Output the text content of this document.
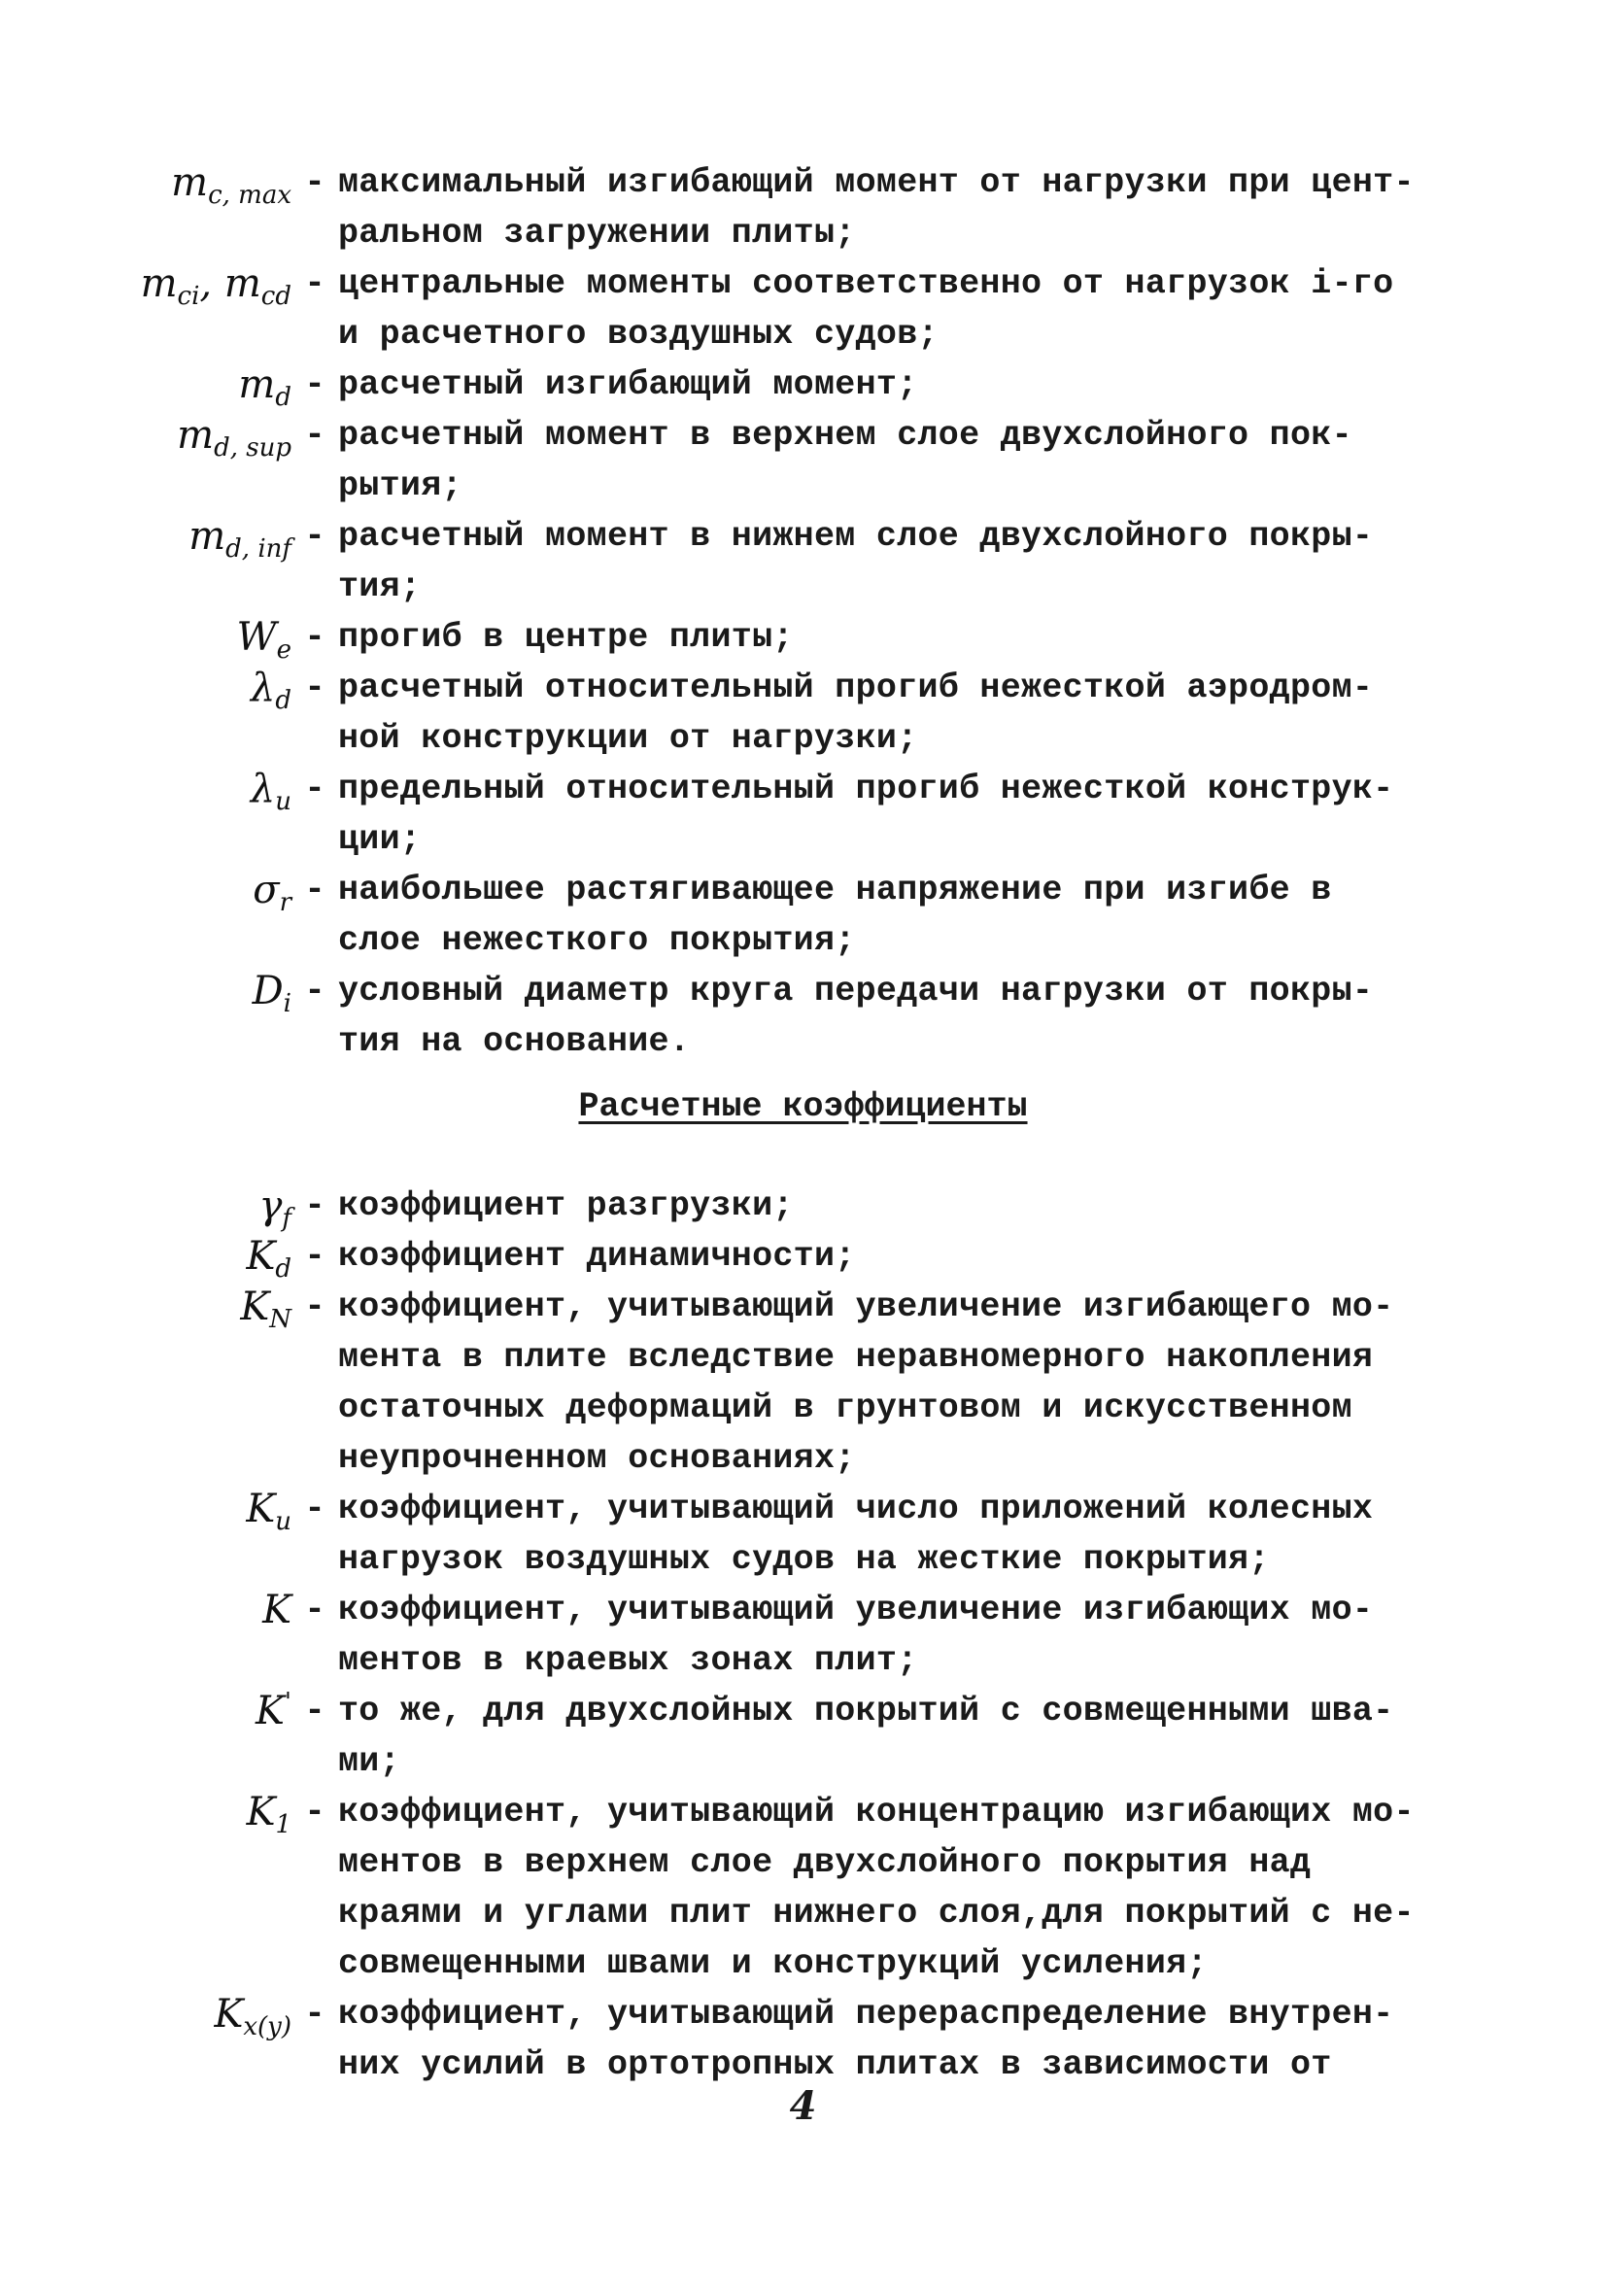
$m_{c, max}$ - максимальный изгибающий момент от нагрузки при цент-
ральном загружении плиты;
$m_{ci}$, $m_{cd}$ - центральные моменты соответственно от нагрузок i-го
и расчетного воздушных судов;
$m_d$ - расчетный изгибающий момент;
$m_{d, sup}$ - расчетный момент в верхнем слое двухслойного пок-
рытия;
$m_{d, inf}$ - расчетный момент в нижнем слое двухслойного покры-
тия;
$W_e$ - прогиб в центре плиты;
$\lambda_d$ - расчетный относительный прогиб нежесткой аэродром-
ной конструкции от нагрузки;
$\lambda_u$ - предельный относительный прогиб нежесткой конструк-
ции;
$\sigma_r$ - наибольшее растягивающее напряжение при изгибе в
слое нежесткого покрытия;
$D_i$ - условный диаметр круга передачи нагрузки от покры-
тия на основание.
Расчетные коэффициенты
$\gamma_f$ - коэффициент разгрузки;
$K_d$ - коэффициент динамичности;
$K_N$ - коэффициент, учитывающий увеличение изгибающего мо-
мента в плите вследствие неравномерного накопления
остаточных деформаций в грунтовом и искусственном
неупрочненном основаниях;
$K_u$ - коэффициент, учитывающий число приложений колесных
нагрузок воздушных судов на жесткие покрытия;
K - коэффициент, учитывающий увеличение изгибающих мо-
ментов в краевых зонах плит;
K' - то же, для двухслойных покрытий с совмещенными шва-
ми;
$K_1$ - коэффициент, учитывающий концентрацию изгибающих мо-
ментов в верхнем слое двухслойного покрытия над
краями и углами плит нижнего слоя,для покрытий с не-
совмещенными швами и конструкций усиления;
$K_{x(y)}$ - коэффициент, учитывающий перераспределение внутрен-
них усилий в ортотропных плитах в зависимости от
4
